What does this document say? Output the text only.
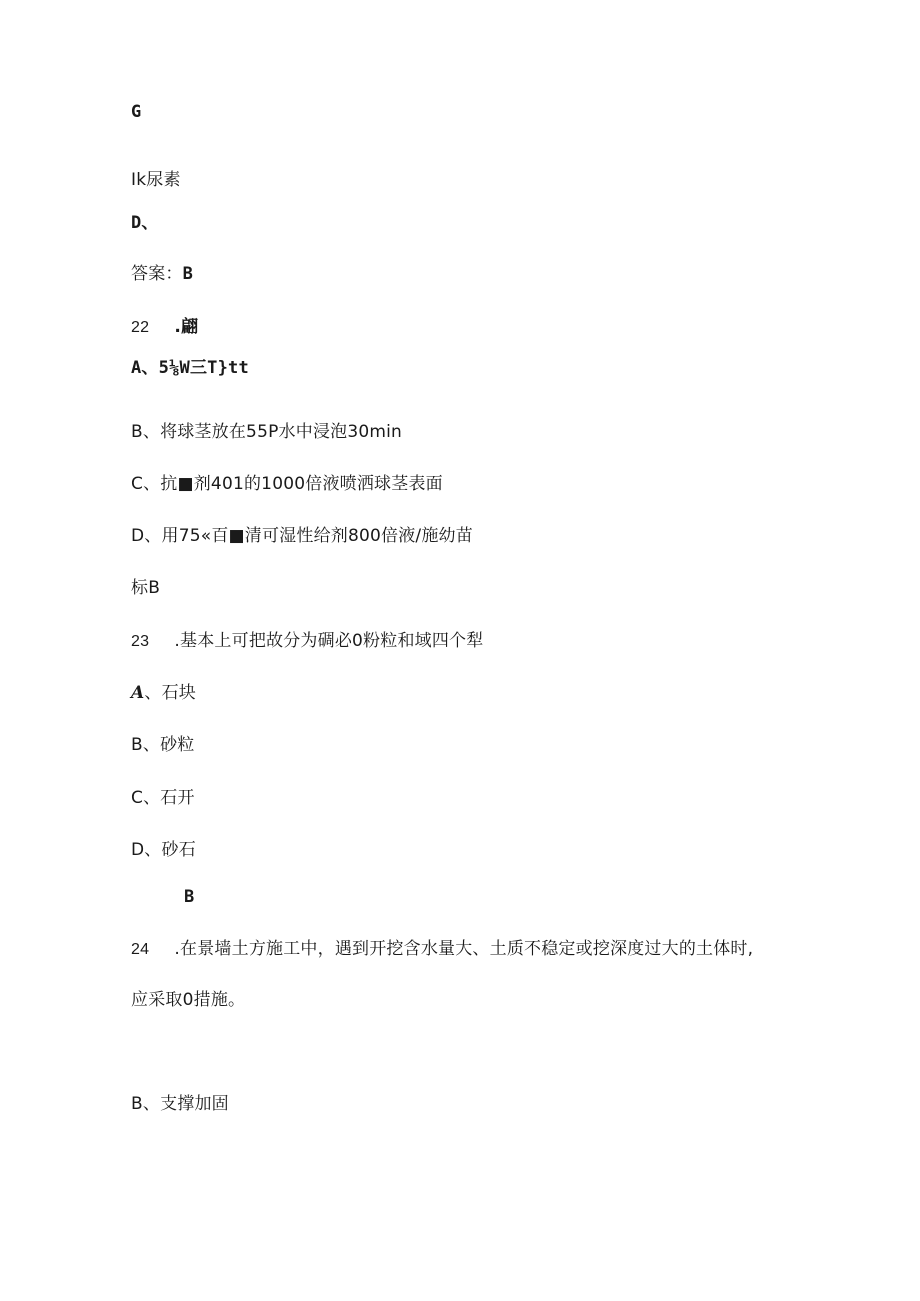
G
Ik尿素
D、
答案：B
22 .翩
A、5⅛W三T}tt
B、将球茎放在55P水中浸泡30min
C、抗■剂401的1000倍液喷洒球茎表面
D、用75«百■清可湿性给剂800倍液/施幼苗
标B
23 .基本上可把故分为碉必0粉粒和域四个犁
A、石块
B、砂粒
C、石开
D、砂石
B
24 .在景墙土方施工中，遇到开挖含水量大、土质不稳定或挖深度过大的土体时,
应采取0措施。
B、支撑加固
